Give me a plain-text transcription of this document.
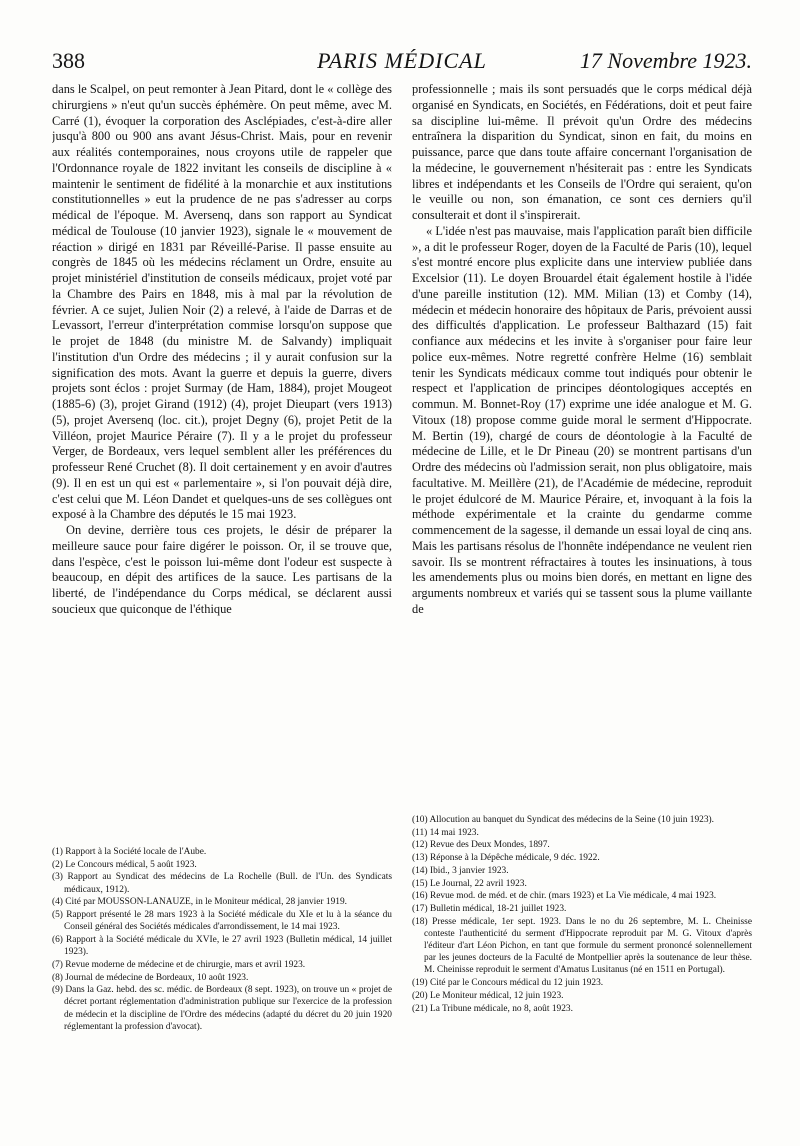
PARIS MÉDICAL
388	17 Novembre 1923.

dans le Scalpel, on peut remonter à Jean Pitard, dont le « collège des chirurgiens » n'eut qu'un succès éphémère. On peut même, avec M. Carré (1), évoquer la corporation des Asclépiades, c'est-à-dire aller jusqu'à 800 ou 900 ans avant Jésus-Christ. Mais, pour en revenir aux réalités contemporaines, nous croyons utile de rappeler que l'Ordonnance royale de 1822 invitant les conseils de discipline à « maintenir le sentiment de fidélité à la monarchie et aux institutions constitutionnelles » eut la prudence de ne pas s'adresser au corps médical de l'époque. M. Aversenq, dans son rapport au Syndicat médical de Toulouse (10 janvier 1923), signale le « mouvement de réaction » dirigé en 1831 par Réveillé-Parise. Il passe ensuite au congrès de 1845 où les médecins réclament un Ordre, ensuite au projet ministériel d'institution de conseils médicaux, projet voté par la Chambre des Pairs en 1848, mis à mal par la révolution de février. A ce sujet, Julien Noir (2) a relevé, à l'aide de Darras et de Levassort, l'erreur d'interprétation commise lorsqu'on suppose que le projet de 1848 (du ministre M. de Salvandy) impliquait l'institution d'un Ordre des médecins ; il y aurait confusion sur la signification des mots. Avant la guerre et depuis la guerre, divers projets sont éclos : projet Surmay (de Ham, 1884), projet Mougeot (1885-6) (3), projet Girand (1912) (4), projet Dieupart (vers 1913) (5), projet Aversenq (loc. cit.), projet Degny (6), projet Petit de la Villéon, projet Maurice Péraire (7). Il y a le projet du professeur Verger, de Bordeaux, vers lequel semblent aller les préférences du professeur René Cruchet (8). Il doit certainement y en avoir d'autres (9). Il en est un qui est « parlementaire », si l'on pouvait déjà dire, c'est celui que M. Léon Dandet et quelques-uns de ses collègues ont exposé à la Chambre des députés le 15 mai 1923.

On devine, derrière tous ces projets, le désir de préparer la meilleure sauce pour faire digérer le poisson. Or, il se trouve que, dans l'espèce, c'est le poisson lui-même dont l'odeur est suspecte à beaucoup, en dépit des artifices de la sauce. Les partisans de la liberté, de l'indépendance du Corps médical, se déclarent aussi soucieux que quiconque de l'éthique

(1) Rapport à la Société locale de l'Aube.
(2) Le Concours médical, 5 août 1923.
(3) Rapport au Syndicat des médecins de La Rochelle (Bull. de l'Un. des Syndicats médicaux, 1912).
(4) Cité par MOUSSON-LANAUZE, in le Moniteur médical, 28 janvier 1919.
(5) Rapport présenté le 28 mars 1923 à la Société médicale du XIe et lu à la séance du Conseil général des Sociétés médicales d'arrondissement, le 14 mai 1923.
(6) Rapport à la Société médicale du XVIe, le 27 avril 1923 (Bulletin médical, 14 juillet 1923).
(7) Revue moderne de médecine et de chirurgie, mars et avril 1923.
(8) Journal de médecine de Bordeaux, 10 août 1923.
(9) Dans la Gaz. hebd. des sc. médic. de Bordeaux (8 sept. 1923), on trouve un « projet de décret portant réglementation d'administration publique sur l'exercice de la profession de médecin et la discipline de l'Ordre des médecins (adapté du décret du 20 juin 1920 réglementant la profession d'avocat).

professionnelle ; mais ils sont persuadés que le corps médical déjà organisé en Syndicats, en Sociétés, en Fédérations, doit et peut faire sa discipline lui-même. Il prévoit qu'un Ordre des médecins entraînera la disparition du Syndicat, sinon en fait, du moins en puissance, parce que dans toute affaire concernant l'organisation de la médecine, le gouvernement n'hésiterait pas : entre les Syndicats libres et indépendants et les Conseils de l'Ordre qui seraient, qu'on le veuille ou non, son émanation, ce sont ces derniers qu'il consulterait et dont il s'inspirerait.

« L'idée n'est pas mauvaise, mais l'application paraît bien difficile », a dit le professeur Roger, doyen de la Faculté de Paris (10), lequel s'est montré encore plus explicite dans une interview publiée dans Excelsior (11). Le doyen Brouardel était également hostile à l'idée d'une pareille institution (12). MM. Milian (13) et Comby (14), médecin et médecin honoraire des hôpitaux de Paris, prévoient aussi des difficultés d'application. Le professeur Balthazard (15) fait confiance aux médecins et les invite à s'organiser pour faire leur police eux-mêmes. Notre regretté confrère Helme (16) semblait tenir les Syndicats médicaux comme tout indiqués pour obtenir le respect et l'application de principes déontologiques acceptés en commun. M. Bonnet-Roy (17) exprime une idée analogue et M. G. Vitoux (18) propose comme guide moral le serment d'Hippocrate. M. Bertin (19), chargé de cours de déontologie à la Faculté de médecine de Lille, et le Dr Pineau (20) se montrent partisans d'un Ordre des médecins où l'admission serait, non plus obligatoire, mais facultative. M. Meillère (21), de l'Académie de médecine, reproduit le projet édulcoré de M. Maurice Péraire, et, invoquant à la fois la méthode expérimentale et la crainte du gendarme comme commencement de la sagesse, il demande un essai loyal de cinq ans. Mais les partisans résolus de l'honnête indépendance ne veulent rien savoir. Ils se montrent réfractaires à toutes les insinuations, à tous les amendements plus ou moins bien dorés, en mettant en ligne des arguments nombreux et variés qui se tassent sous la plume vaillante de

(10) Allocution au banquet du Syndicat des médecins de la Seine (10 juin 1923).
(11) 14 mai 1923.
(12) Revue des Deux Mondes, 1897.
(13) Réponse à la Dépêche médicale, 9 déc. 1922.
(14) Ibid., 3 janvier 1923.
(15) Le Journal, 22 avril 1923.
(16) Revue mod. de méd. et de chir. (mars 1923) et La Vie médicale, 4 mai 1923.
(17) Bulletin médical, 18-21 juillet 1923.
(18) Presse médicale, 1er sept. 1923. Dans le no du 26 septembre, M. L. Cheinisse conteste l'authenticité du serment d'Hippocrate reproduit par M. G. Vitoux d'après l'éditeur d'art Léon Pichon, en tant que formule du serment prononcé solennellement par les jeunes docteurs de la Faculté de Montpellier après la soutenance de leur thèse. M. Cheinisse reproduit le serment d'Amatus Lusitanus (né en 1511 en Portugal).
(19) Cité par le Concours médical du 12 juin 1923.
(20) Le Moniteur médical, 12 juin 1923.
(21) La Tribune médicale, no 8, août 1923.
